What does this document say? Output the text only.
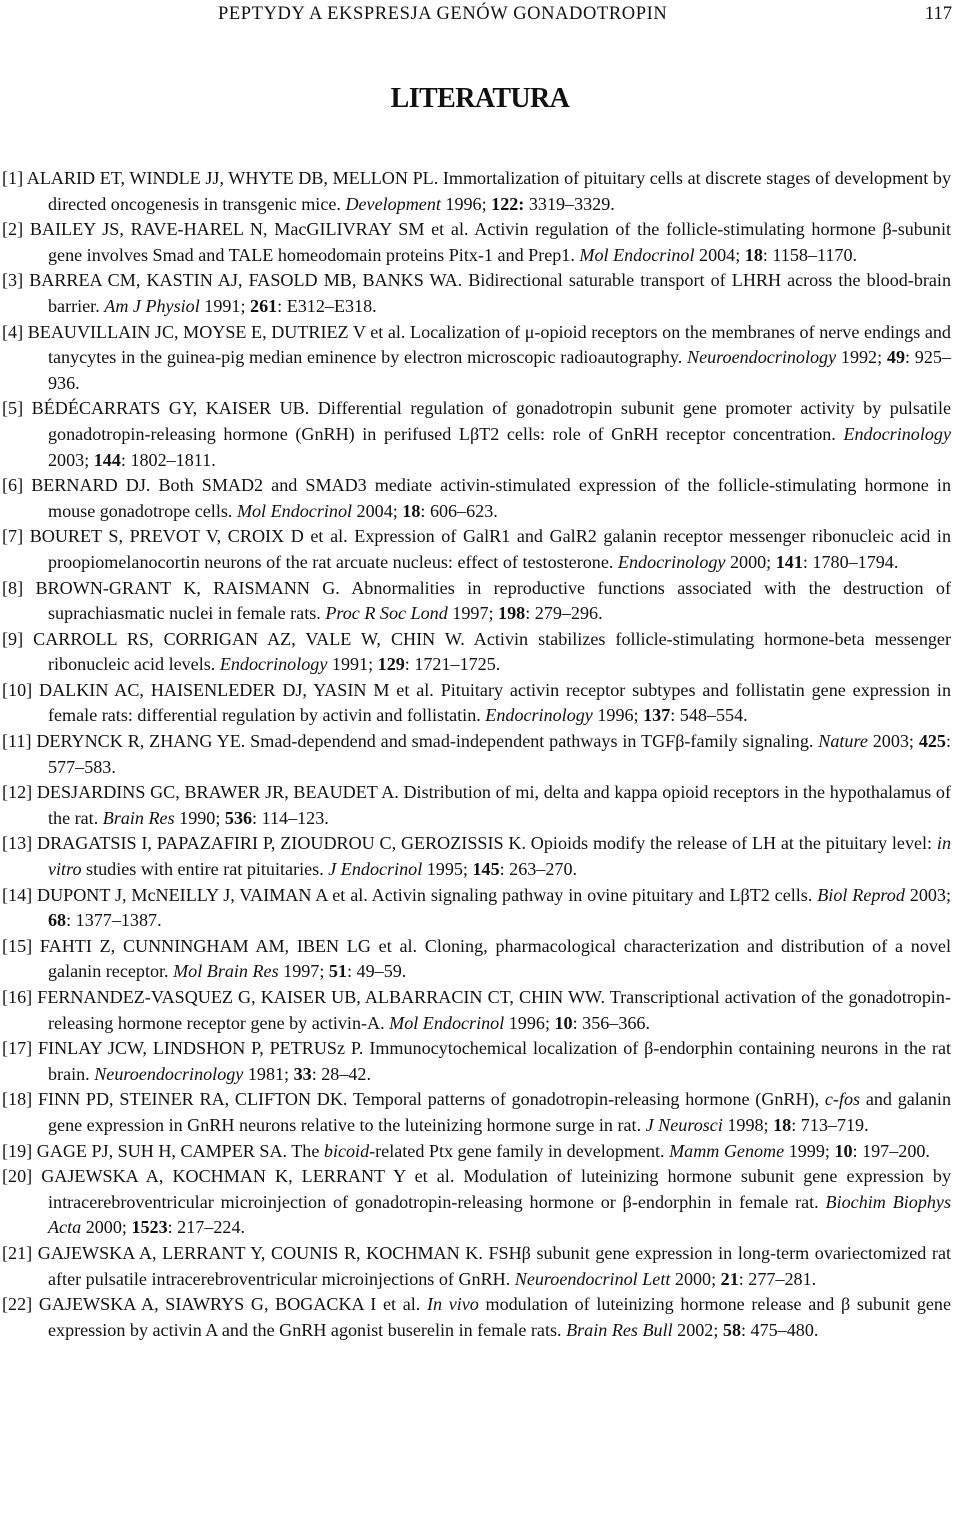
PEPTYDY A EKSPRESJA GENÓW GONADOTROPIN	117
LITERATURA

[1] ALARID ET, WINDLE JJ, WHYTE DB, MELLON PL. Immortalization of pituitary cells at discrete stages of development by directed oncogenesis in transgenic mice. Development 1996; 122: 3319–3329.

[2] BAILEY JS, RAVE-HAREL N, MacGILIVRAY SM et al. Activin regulation of the follicle-stimulating hormone β-subunit gene involves Smad and TALE homeodomain proteins Pitx-1 and Prep1. Mol Endocrinol 2004; 18: 1158–1170.

[3] BARREA CM, KASTIN AJ, FASOLD MB, BANKS WA. Bidirectional saturable transport of LHRH across the blood-brain barrier. Am J Physiol 1991; 261: E312–E318.

[4] BEAUVILLAIN JC, MOYSE E, DUTRIEZ V et al. Localization of μ-opioid receptors on the membranes of nerve endings and tanycytes in the guinea-pig median eminence by electron microscopic radioautography. Neuroendocrinology 1992; 49: 925–936.

[5] BÉDÉCARRATS GY, KAISER UB. Differential regulation of gonadotropin subunit gene promoter activity by pulsatile gonadotropin-releasing hormone (GnRH) in perifused LβT2 cells: role of GnRH receptor concentration. Endocrinology 2003; 144: 1802–1811.

[6] BERNARD DJ. Both SMAD2 and SMAD3 mediate activin-stimulated expression of the follicle-stimulating hormone in mouse gonadotrope cells. Mol Endocrinol 2004; 18: 606–623.

[7] BOURET S, PREVOT V, CROIX D et al. Expression of GalR1 and GalR2 galanin receptor messenger ribonucleic acid in proopiomelanocortin neurons of the rat arcuate nucleus: effect of testosterone. Endocrinology 2000; 141: 1780–1794.

[8] BROWN-GRANT K, RAISMANN G. Abnormalities in reproductive functions associated with the destruction of suprachiasmatic nuclei in female rats. Proc R Soc Lond 1997; 198: 279–296.

[9] CARROLL RS, CORRIGAN AZ, VALE W, CHIN W. Activin stabilizes follicle-stimulating hormone-beta messenger ribonucleic acid levels. Endocrinology 1991; 129: 1721–1725.

[10] DALKIN AC, HAISENLEDER DJ, YASIN M et al. Pituitary activin receptor subtypes and follistatin gene expression in female rats: differential regulation by activin and follistatin. Endocrinology 1996; 137: 548–554.

[11] DERYNCK R, ZHANG YE. Smad-dependend and smad-independent pathways in TGFβ-family signaling. Nature 2003; 425: 577–583.

[12] DESJARDINS GC, BRAWER JR, BEAUDET A. Distribution of mi, delta and kappa opioid receptors in the hypothalamus of the rat. Brain Res 1990; 536: 114–123.

[13] DRAGATSIS I, PAPAZAFIRI P, ZIOUDROU C, GEROZISSIS K. Opioids modify the release of LH at the pituitary level: in vitro studies with entire rat pituitaries. J Endocrinol 1995; 145: 263–270.

[14] DUPONT J, McNEILLY J, VAIMAN A et al. Activin signaling pathway in ovine pituitary and LβT2 cells. Biol Reprod 2003; 68: 1377–1387.

[15] FAHTI Z, CUNNINGHAM AM, IBEN LG et al. Cloning, pharmacological characterization and distribution of a novel galanin receptor. Mol Brain Res 1997; 51: 49–59.

[16] FERNANDEZ-VASQUEZ G, KAISER UB, ALBARRACIN CT, CHIN WW. Transcriptional activation of the gonadotropin-releasing hormone receptor gene by activin-A. Mol Endocrinol 1996; 10: 356–366.

[17] FINLAY JCW, LINDSHON P, PETRUSz P. Immunocytochemical localization of β-endorphin containing neurons in the rat brain. Neuroendocrinology 1981; 33: 28–42.

[18] FINN PD, STEINER RA, CLIFTON DK. Temporal patterns of gonadotropin-releasing hormone (GnRH), c-fos and galanin gene expression in GnRH neurons relative to the luteinizing hormone surge in rat. J Neurosci 1998; 18: 713–719.

[19] GAGE PJ, SUH H, CAMPER SA. The bicoid-related Ptx gene family in development. Mamm Genome 1999; 10: 197–200.

[20] GAJEWSKA A, KOCHMAN K, LERRANT Y et al. Modulation of luteinizing hormone subunit gene expression by intracerebroventricular microinjection of gonadotropin-releasing hormone or β-endorphin in female rat. Biochim Biophys Acta 2000; 1523: 217–224.

[21] GAJEWSKA A, LERRANT Y, COUNIS R, KOCHMAN K. FSHβ subunit gene expression in long-term ovariectomized rat after pulsatile intracerebroventricular microinjections of GnRH. Neuroendocrinol Lett 2000; 21: 277–281.

[22] GAJEWSKA A, SIAWRYS G, BOGACKA I et al. In vivo modulation of luteinizing hormone release and β subunit gene expression by activin A and the GnRH agonist buserelin in female rats. Brain Res Bull 2002; 58: 475–480.
